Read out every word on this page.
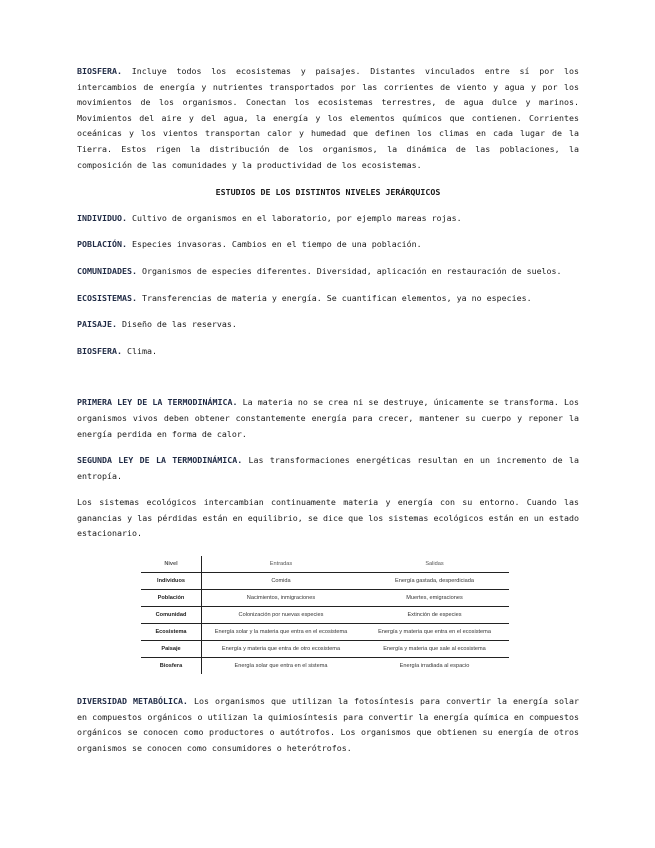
BIOSFERA. Incluye todos los ecosistemas y paisajes. Distantes vinculados entre sí por los intercambios de energía y nutrientes transportados por las corrientes de viento y agua y por los movimientos de los organismos. Conectan los ecosistemas terrestres, de agua dulce y marinos. Movimientos del aire y del agua, la energía y los elementos químicos que contienen. Corrientes oceánicas y los vientos transportan calor y humedad que definen los climas en cada lugar de la Tierra. Estos rigen la distribución de los organismos, la dinámica de las poblaciones, la composición de las comunidades y la productividad de los ecosistemas.

ESTUDIOS DE LOS DISTINTOS NIVELES JERÁRQUICOS

INDIVIDUO. Cultivo de organismos en el laboratorio, por ejemplo mareas rojas.

POBLACIÓN. Especies invasoras. Cambios en el tiempo de una población.

COMUNIDADES. Organismos de especies diferentes. Diversidad, aplicación en restauración de suelos.

ECOSISTEMAS. Transferencias de materia y energía. Se cuantifican elementos, ya no especies.

PAISAJE. Diseño de las reservas.

BIOSFERA. Clima.

PRIMERA LEY DE LA TERMODINÁMICA. La materia no se crea ni se destruye, únicamente se transforma. Los organismos vivos deben obtener constantemente energía para crecer, mantener su cuerpo y reponer la energía perdida en forma de calor.

SEGUNDA LEY DE LA TERMODINÁMICA. Las transformaciones energéticas resultan en un incremento de la entropía.

Los sistemas ecológicos intercambian continuamente materia y energía con su entorno. Cuando las ganancias y las pérdidas están en equilibrio, se dice que los sistemas ecológicos están en un estado estacionario.

Nivel	Entradas	Salidas
Individuos	Comida	Energía gastada, desperdiciada
Población	Nacimientos, inmigraciones	Muertes, emigraciones
Comunidad	Colonización por nuevas especies	Extinción de especies
Ecosistema	Energía solar y la materia que entra en el ecosistema	Energía y materia que entra en el ecosistema
Paisaje	Energía y materia que entra de otro ecosistema	Energía y materia que sale al ecosistema
Biosfera	Energía solar que entra en el sistema	Energía irradiada al espacio

DIVERSIDAD METABÓLICA. Los organismos que utilizan la fotosíntesis para convertir la energía solar en compuestos orgánicos o utilizan la quimiosíntesis para convertir la energía química en compuestos orgánicos se conocen como productores o autótrofos. Los organismos que obtienen su energía de otros organismos se conocen como consumidores o heterótrofos.
